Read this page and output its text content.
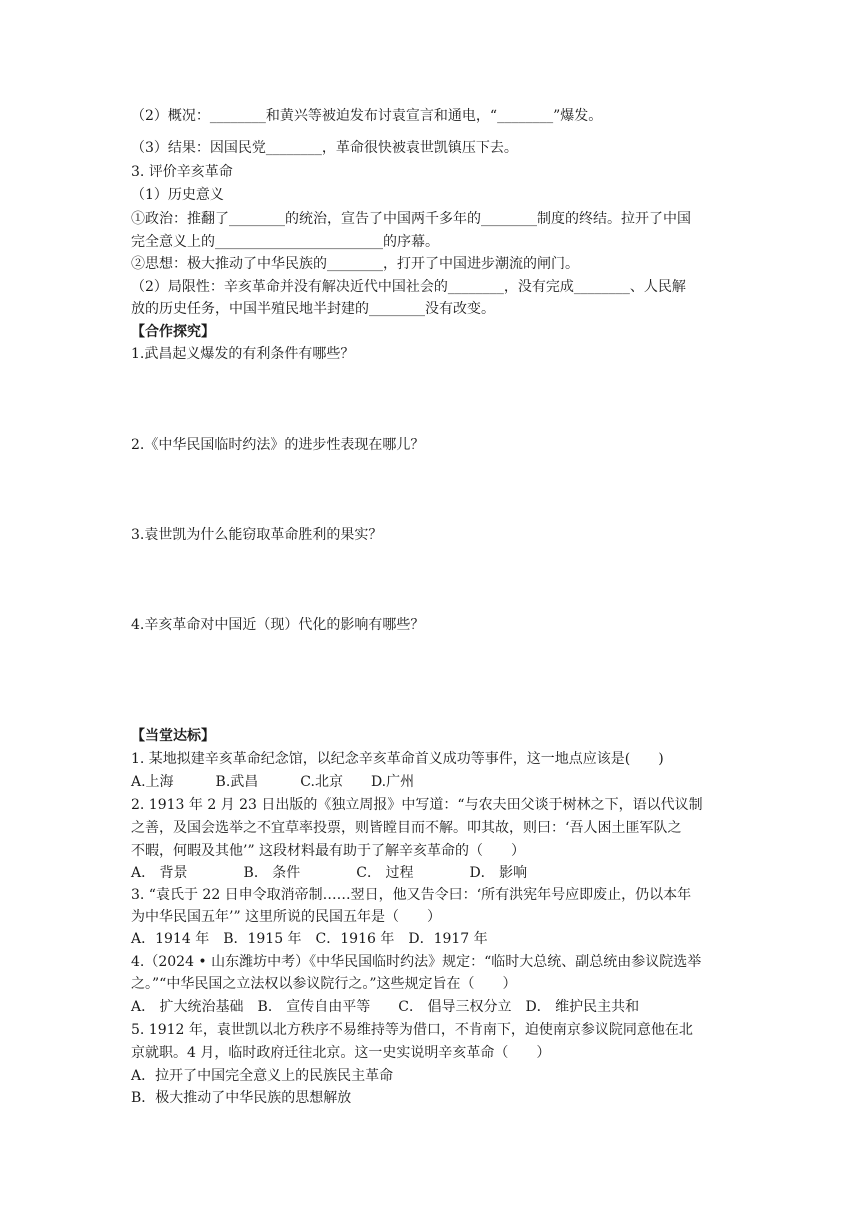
（2）概况：________和黄兴等被迫发布讨袁宣言和通电，“________”爆发。
（3）结果：因国民党________，革命很快被袁世凯镇压下去。
3. 评价辛亥革命
（1）历史意义
①政治：推翻了________的统治，宣告了中国两千多年的________制度的终结。拉开了中国
完全意义上的________________________的序幕。
②思想：极大推动了中华民族的________，打开了中国进步潮流的闸门。
（2）局限性：辛亥革命并没有解决近代中国社会的________，没有完成________、人民解
放的历史任务，中国半殖民地半封建的________没有改变。
【合作探究】
1.武昌起义爆发的有利条件有哪些？
2.《中华民国临时约法》的进步性表现在哪儿？
3.袁世凯为什么能窃取革命胜利的果实？
4.辛亥革命对中国近（现）代化的影响有哪些？
【当堂达标】
1. 某地拟建辛亥革命纪念馆，以纪念辛亥革命首义成功等事件，这一地点应该是(　　)
A.上海　　　B.武昌　　　C.北京　　D.广州
2. 1913 年 2 月 23 日出版的《独立周报》中写道：“与农夫田父谈于树林之下，语以代议制
之善，及国会选举之不宜草率投票，则皆瞠目而不解。叩其故，则曰：‘吾人困土匪军队之
不暇，何暇及其他’” 这段材料最有助于了解辛亥革命的（　　）
A． 背景　　　　B． 条件　　　　C． 过程　　　　D． 影响
3. “袁氏于 22 日申令取消帝制……翌日，他又告令曰：‘所有洪宪年号应即废止，仍以本年
为中华民国五年’” 这里所说的民国五年是（　　）
A．1914 年　B．1915 年　C．1916 年　D．1917 年
4.（2024 • 山东潍坊中考）《中华民国临时约法》规定：“临时大总统、副总统由参议院选举
之。”“中华民国之立法权以参议院行之。”这些规定旨在（　　）
A． 扩大统治基础　B． 宣传自由平等　　C． 倡导三权分立　D． 维护民主共和
5. 1912 年，袁世凯以北方秩序不易维持等为借口，不肯南下，迫使南京参议院同意他在北
京就职。4 月，临时政府迁往北京。这一史实说明辛亥革命（　　）
A．拉开了中国完全意义上的民族民主革命
B．极大推动了中华民族的思想解放
